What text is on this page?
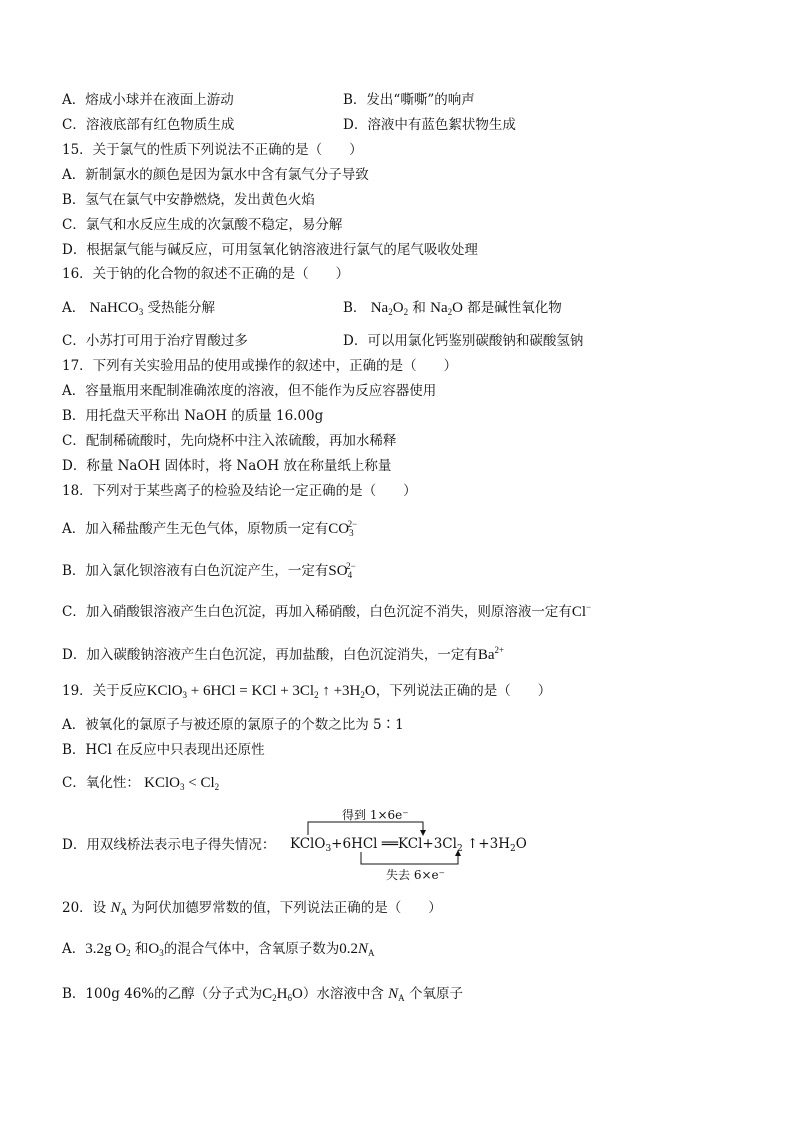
A．熔成小球并在液面上游动	B．发出“嘶嘶”的响声
C．溶液底部有红色物质生成	D．溶液中有蓝色絮状物生成
15．关于氯气的性质下列说法不正确的是（　　）
A．新制氯水的颜色是因为氯水中含有氯气分子导致
B．氢气在氯气中安静燃烧，发出黄色火焰
C．氯气和水反应生成的次氯酸不稳定，易分解
D．根据氯气能与碱反应，可用氢氧化钠溶液进行氯气的尾气吸收处理
16．关于钠的化合物的叙述不正确的是（　　）
A． NaHCO$_3$ 受热能分解	B． $Na_2O_2$ 和 $Na_2O$ 都是碱性氧化物
C．小苏打可用于治疗胃酸过多	D．可以用氯化钙鉴别碳酸钠和碳酸氢钠
17．下列有关实验用品的使用或操作的叙述中，正确的是（　　）
A．容量瓶用来配制准确浓度的溶液，但不能作为反应容器使用
B．用托盘天平称出 NaOH 的质量 16.00g
C．配制稀硫酸时，先向烧杯中注入浓硫酸，再加水稀释
D．称量 NaOH 固体时，将 NaOH 放在称量纸上称量
18．下列对于某些离子的检验及结论一定正确的是（　　）
A．加入稀盐酸产生无色气体，原物质一定有$CO_3^{2-}$
B．加入氯化钡溶液有白色沉淀产生，一定有$SO_4^{2-}$
C．加入硝酸银溶液产生白色沉淀，再加入稀硝酸，白色沉淀不消失，则原溶液一定有Cl−
D．加入碳酸钠溶液产生白色沉淀，再加盐酸，白色沉淀消失，一定有$Ba^{2+}$
19．关于反应KClO$_3$ + 6HCl = KCl + $3Cl_2$ ↑ $+3H_2O$，下列说法正确的是（　　）
A．被氧化的氯原子与被还原的氯原子的个数之比为 5∶1
B．HCl 在反应中只表现出还原性
C．氧化性： KClO$_3$ < $Cl_2$
D．用双线桥法表示电子得失情况：
得到 1×6e⁻
KClO$_3$+6HCl $══KCl+3Cl_2$ $↑+3H_2O$
失去 6×e⁻
20．设 $N_A$ 为阿伏加德罗常数的值，下列说法正确的是（　　）
A．3.2g $O_2$ 和$O_3$的混合气体中，含氧原子数为$0.2N_A$
B．100g 46%的乙醇（分子式为$C_2H_6O$）水溶液中含 $N_A$ 个氧原子
